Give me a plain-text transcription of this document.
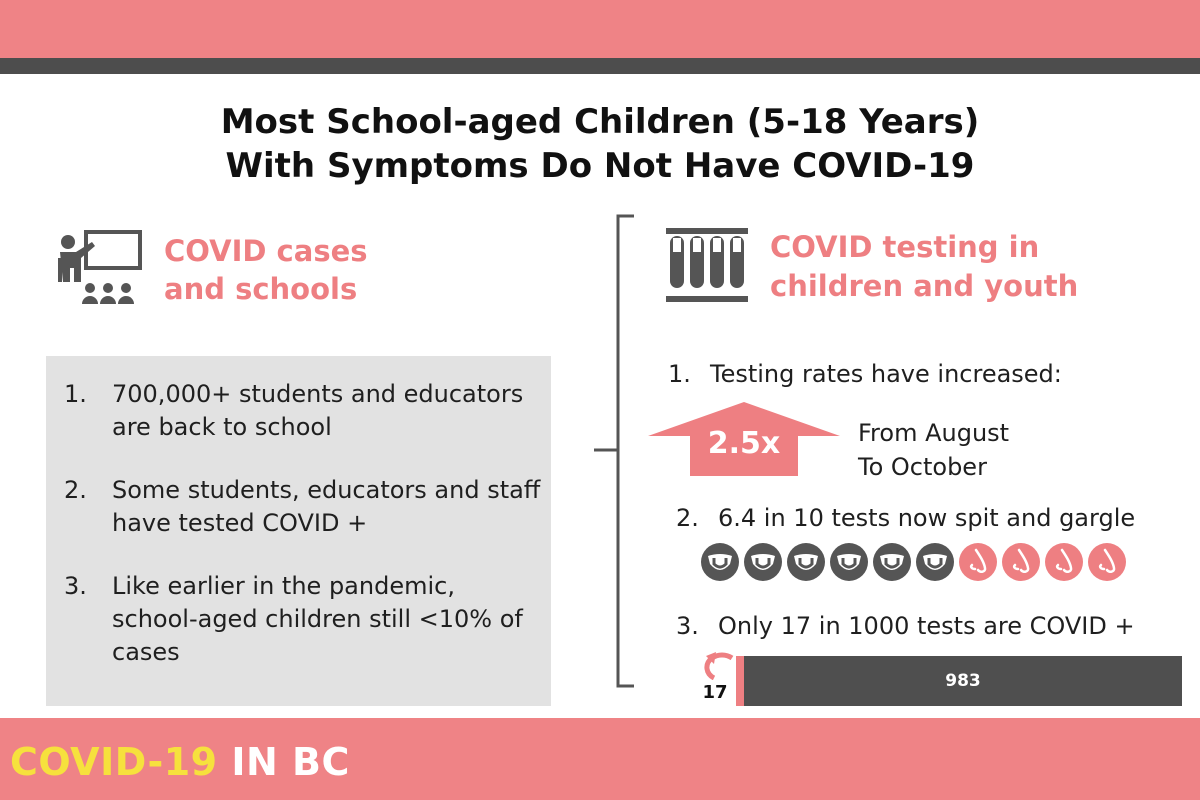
Most School-aged Children (5-18 Years)
With Symptoms Do Not Have COVID-19
COVID cases
and schools
1.	700,000+ students and educators are back to school
2.	Some students, educators and staff have tested COVID +
3.	Like earlier in the pandemic, school-aged children still <10% of cases
COVID testing in
children and youth
1. Testing rates have increased:
2.5x	From August
To October
2. 6.4 in 10 tests now spit and gargle
3. Only 17 in 1000 tests are COVID +
17
983
COVID-19 IN BC
